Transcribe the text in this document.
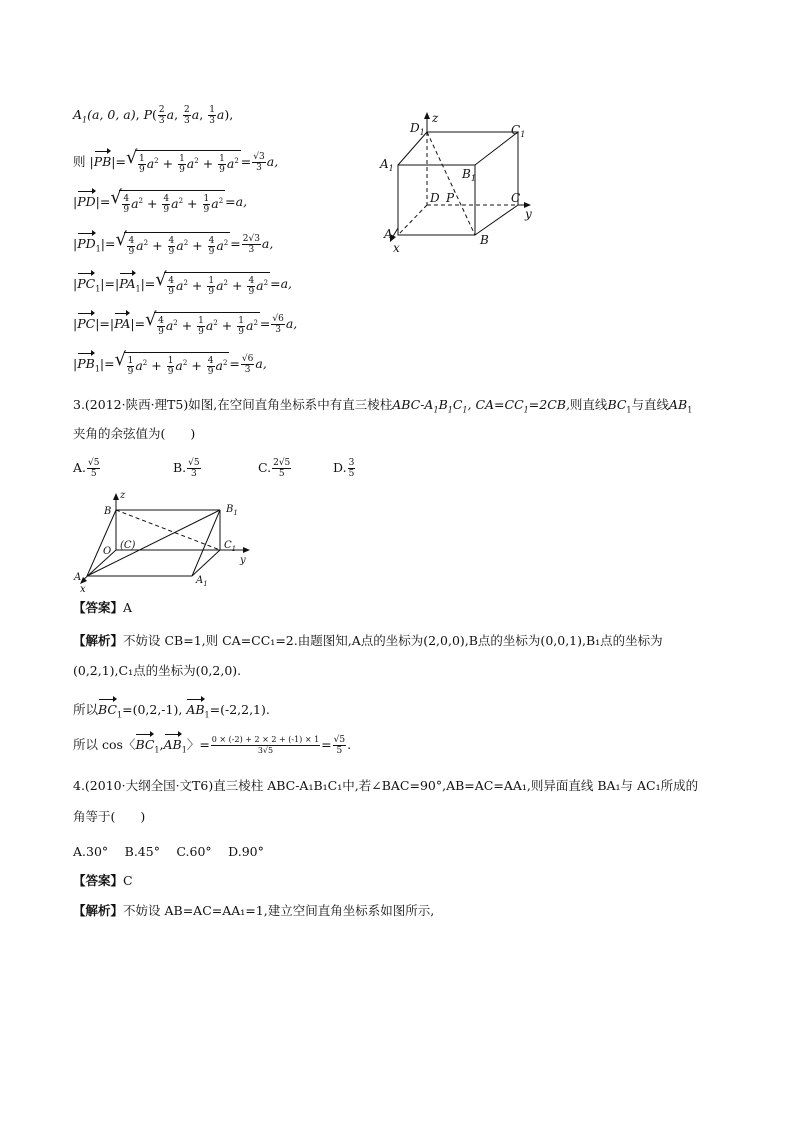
$A_1(a$, 0, a), $P( \frac{2}{3} a$, $\frac{2}{3} a$, $\frac{1}{3} a$),
则 |PB|= √ $\frac{1}{9} a^2 + \frac{1}{9} a^2 + \frac{1}{9} a^2 = \frac{√3}{3} a$,
|PD|= √ $\frac{4}{9} a^2 + \frac{4}{9} a^2 + \frac{1}{9} a^2 =a$,
$|PD_1|=$ √ $\frac{4}{9} a^2 + \frac{4}{9} a^2 + \frac{4}{9} a^2 = \frac{2√3}{3} a$,
$|PC_1|=|PA_1|=$ √ $\frac{4}{9} a^2 + \frac{1}{9} a^2 + \frac{4}{9} a^2 =a$,
|PC|=|PA|= √ $\frac{4}{9} a^2 + \frac{1}{9} a^2 + \frac{1}{9} a^2 = \frac{√6}{3} a$,
$|PB_1|=$ √ $\frac{1}{9} a^2 + \frac{1}{9} a^2 + \frac{4}{9} a^2 = \frac{√6}{3} a$,
z
y
x
$D_1$	$C_1$
$A_1$	$B_1$
D P	C
A	B
3.(2012·陕西·理T5)如图,在空间直角坐标系中有直三棱柱ABC-$A_1B_1C_1$, $CA=CC_1=2CB$,则直线$BC_1$与直线$AB_1$
夹角的余弦值为(　　)
A. $\frac{√5}{5}$	B. $\frac{√5}{3}$	C. $\frac{2√5}{5}$	D. $\frac{3}{5}$
z
B	$B_1$
O
(C)	$C_1$
y
A	$A_1$
x
【答案】A
【解析】不妨设 CB=1,则 CA=CC₁=2.由题图知,A点的坐标为(2,0,0),B点的坐标为(0,0,1),B₁点的坐标为
(0,2,1),C₁点的坐标为(0,2,0).
所以$BC_1=(0,2,-1)$, $AB_1=(-2,2,1)$.
所以 cos〈$BC_1,AB_1$〉= $\frac{0 \times (-2) + 2 \times 2 + (-1) \times 1}{3√5} = \frac{√5}{5}$ .
4.(2010·大纲全国·文T6)直三棱柱 ABC-A₁B₁C₁中,若∠BAC=90°,AB=AC=AA₁,则异面直线 BA₁与 AC₁所成的
角等于(　　)
A.30°　 B.45°　 C.60°　 D.90°
【答案】C
【解析】不妨设 AB=AC=AA₁=1,建立空间直角坐标系如图所示,
